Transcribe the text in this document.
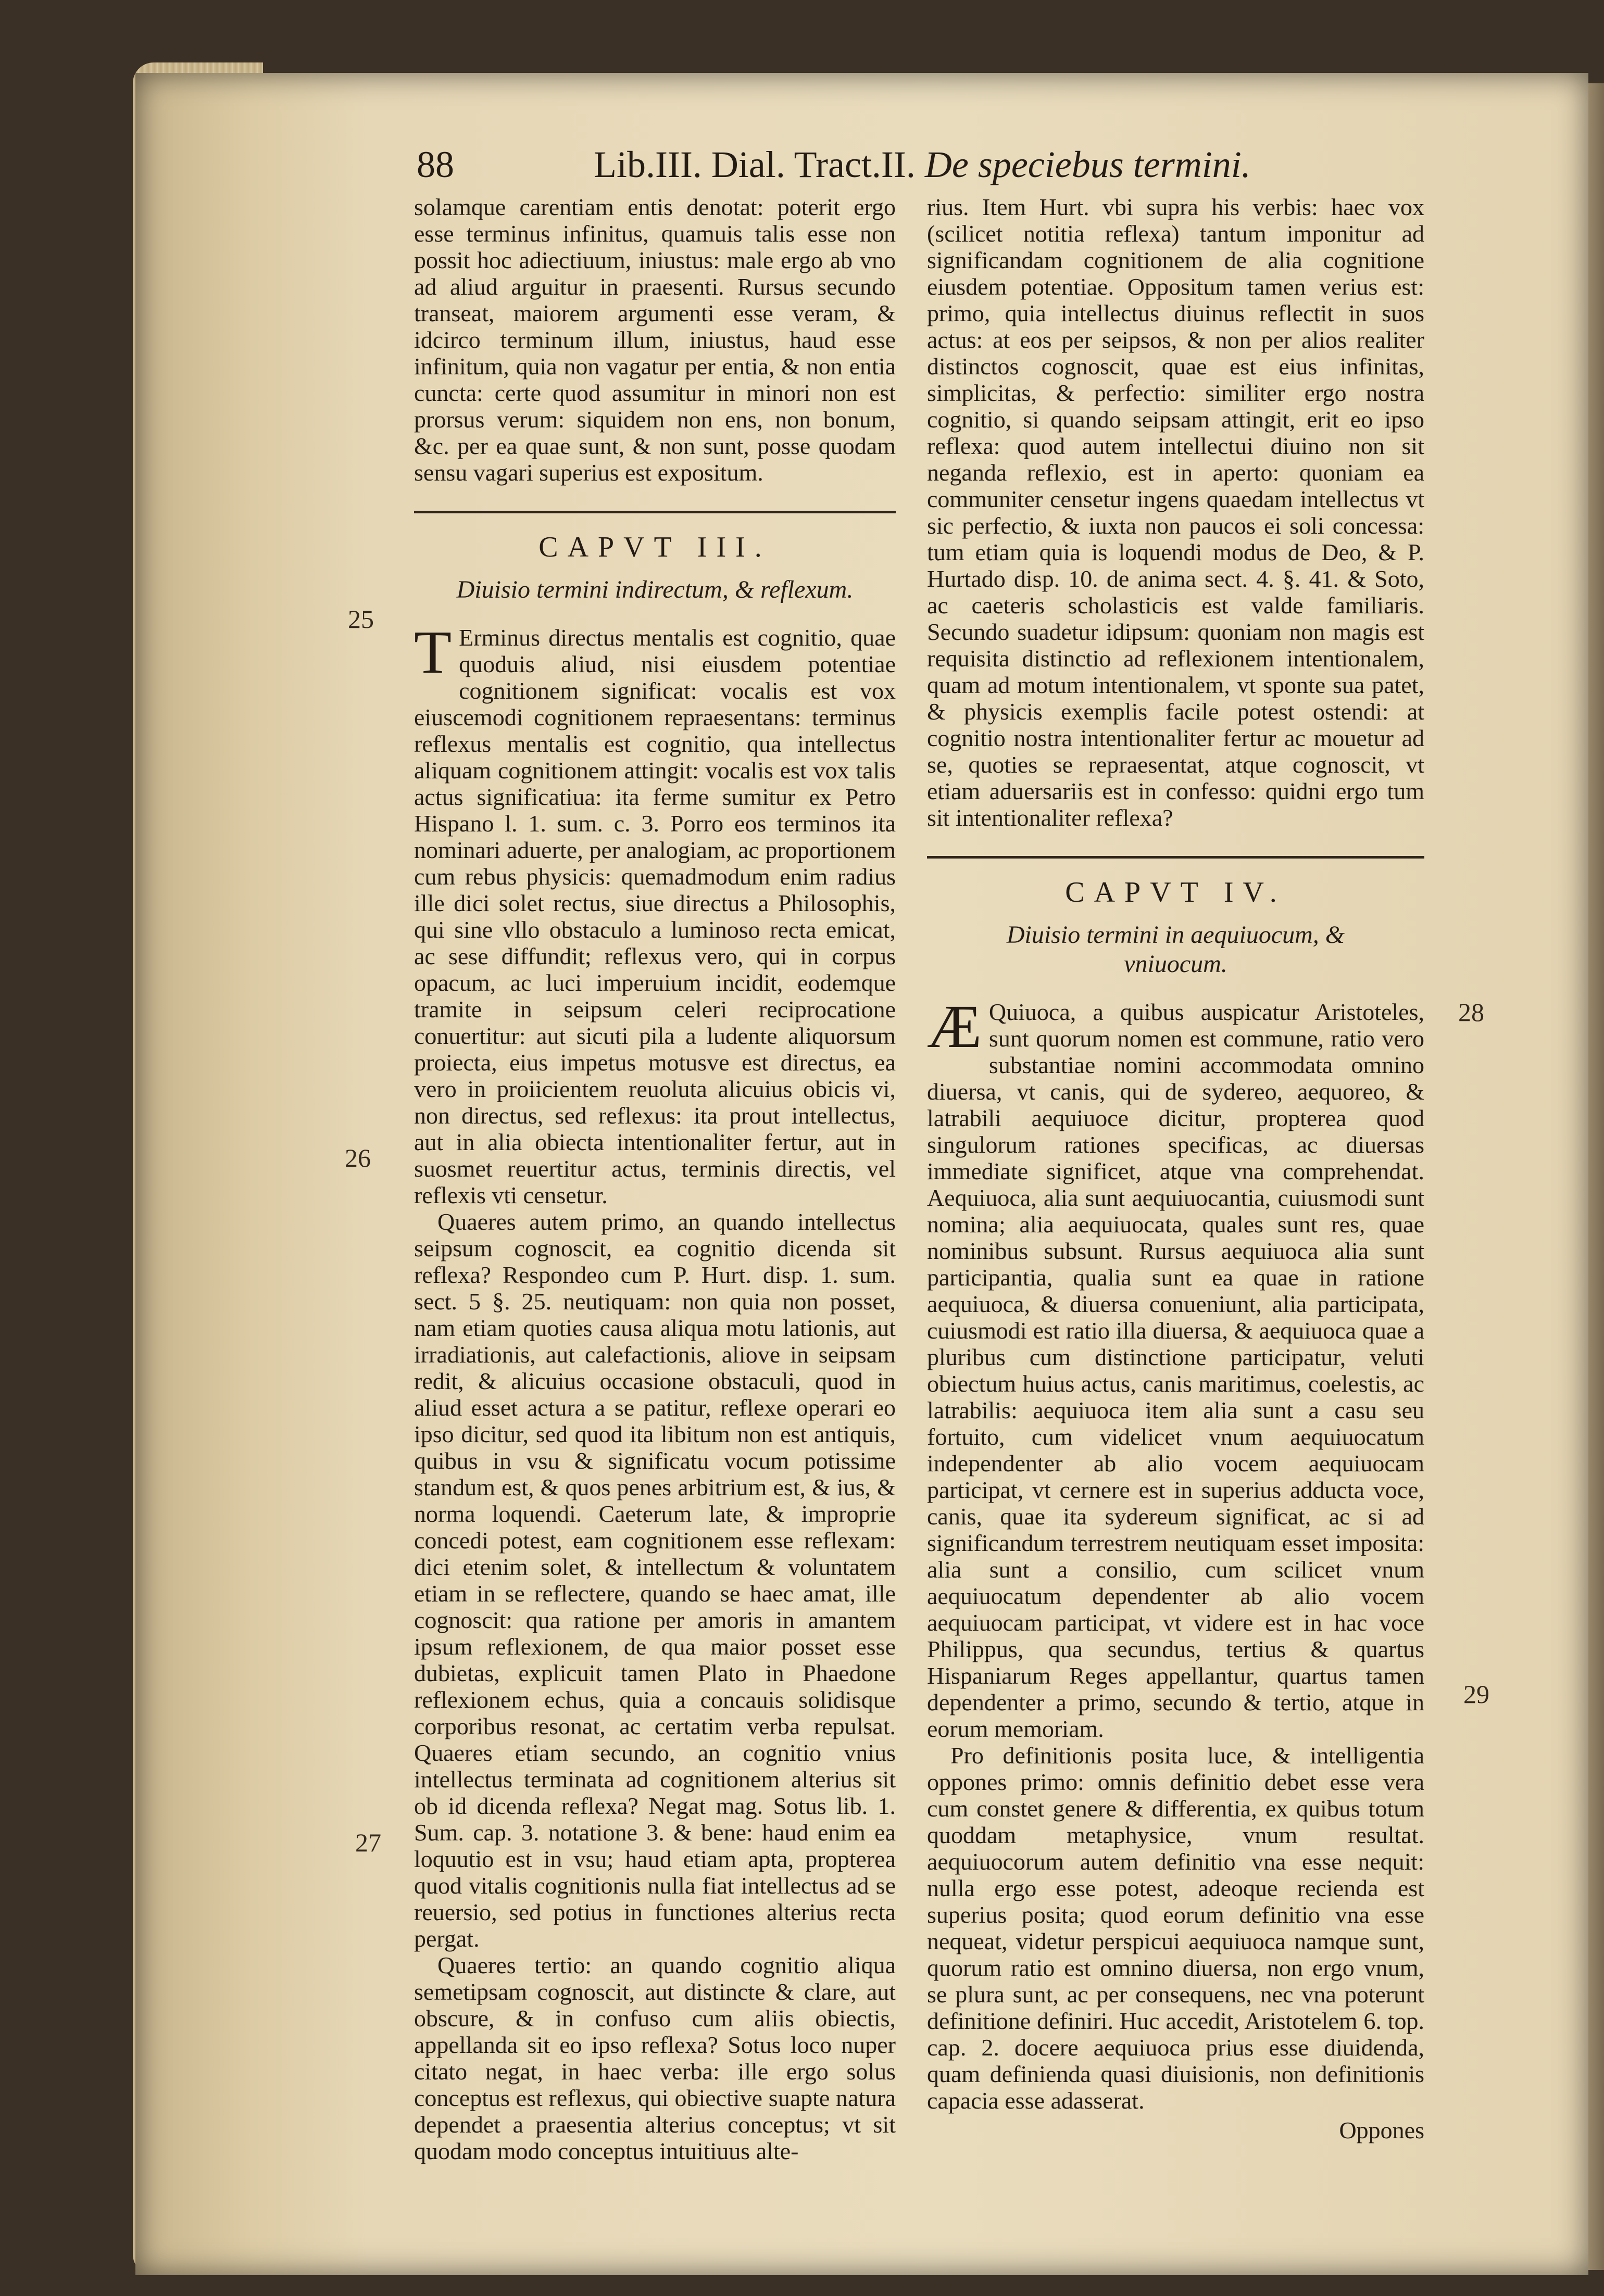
88	Lib.III. Dial. Tract.II. De speciebus termini.
25
26
27
28
29

solamque carentiam entis denotat: poterit ergo esse terminus infinitus, quamuis talis esse non possit hoc adiectiuum, iniustus: male ergo ab vno ad aliud arguitur in praesenti. Rursus secundo transeat, maiorem argumenti esse veram, & idcirco terminum illum, iniustus, haud esse infinitum, quia non vagatur per entia, & non entia cuncta: certe quod assumitur in minori non est prorsus verum: siquidem non ens, non bonum, &c. per ea quae sunt, & non sunt, posse quodam sensu vagari superius est expositum.

CAPVT III.
Diuisio termini indirectum, & reflexum.

T Erminus directus mentalis est cognitio, quae quoduis aliud, nisi eiusdem potentiae cognitionem significat: vocalis est vox eiuscemodi cognitionem repraesentans: terminus reflexus mentalis est cognitio, qua intellectus aliquam cognitionem attingit: vocalis est vox talis actus significatiua: ita ferme sumitur ex Petro Hispano l. 1. sum. c. 3. Porro eos terminos ita nominari aduerte, per analogiam, ac proportionem cum rebus physicis: quemadmodum enim radius ille dici solet rectus, siue directus a Philosophis, qui sine vllo obstaculo a luminoso recta emicat, ac sese diffundit; reflexus vero, qui in corpus opacum, ac luci imperuium incidit, eodemque tramite in seipsum celeri reciprocatione conuertitur: aut sicuti pila a ludente aliquorsum proiecta, eius impetus motusve est directus, ea vero in proiicientem reuoluta alicuius obicis vi, non directus, sed reflexus: ita prout intellectus, aut in alia obiecta intentionaliter fertur, aut in suosmet reuertitur actus, terminis directis, vel reflexis vti censetur.

Quaeres autem primo, an quando intellectus seipsum cognoscit, ea cognitio dicenda sit reflexa? Respondeo cum P. Hurt. disp. 1. sum. sect. 5 §. 25. neutiquam: non quia non posset, nam etiam quoties causa aliqua motu lationis, aut irradiationis, aut calefactionis, aliove in seipsam redit, & alicuius occasione obstaculi, quod in aliud esset actura a se patitur, reflexe operari eo ipso dicitur, sed quod ita libitum non est antiquis, quibus in vsu & significatu vocum potissime standum est, & quos penes arbitrium est, & ius, & norma loquendi. Caeterum late, & improprie concedi potest, eam cognitionem esse reflexam: dici etenim solet, & intellectum & voluntatem etiam in se reflectere, quando se haec amat, ille cognoscit: qua ratione per amoris in amantem ipsum reflexionem, de qua maior posset esse dubietas, explicuit tamen Plato in Phaedone reflexionem echus, quia a concauis solidisque corporibus resonat, ac certatim verba repulsat. Quaeres etiam secundo, an cognitio vnius intellectus terminata ad cognitionem alterius sit ob id dicenda reflexa? Negat mag. Sotus lib. 1. Sum. cap. 3. notatione 3. & bene: haud enim ea loquutio est in vsu; haud etiam apta, propterea quod vitalis cognitionis nulla fiat intellectus ad se reuersio, sed potius in functiones alterius recta pergat.

Quaeres tertio: an quando cognitio aliqua semetipsam cognoscit, aut distincte & clare, aut obscure, & in confuso cum aliis obiectis, appellanda sit eo ipso reflexa? Sotus loco nuper citato negat, in haec verba: ille ergo solus conceptus est reflexus, qui obiective suapte natura dependet a praesentia alterius conceptus; vt sit quodam modo conceptus intuitiuus alte-

rius. Item Hurt. vbi supra his verbis: haec vox (scilicet notitia reflexa) tantum imponitur ad significandam cognitionem de alia cognitione eiusdem potentiae. Oppositum tamen verius est: primo, quia intellectus diuinus reflectit in suos actus: at eos per seipsos, & non per alios realiter distinctos cognoscit, quae est eius infinitas, simplicitas, & perfectio: similiter ergo nostra cognitio, si quando seipsam attingit, erit eo ipso reflexa: quod autem intellectui diuino non sit neganda reflexio, est in aperto: quoniam ea communiter censetur ingens quaedam intellectus vt sic perfectio, & iuxta non paucos ei soli concessa: tum etiam quia is loquendi modus de Deo, & P. Hurtado disp. 10. de anima sect. 4. §. 41. & Soto, ac caeteris scholasticis est valde familiaris. Secundo suadetur idipsum: quoniam non magis est requisita distinctio ad reflexionem intentionalem, quam ad motum intentionalem, vt sponte sua patet, & physicis exemplis facile potest ostendi: at cognitio nostra intentionaliter fertur ac mouetur ad se, quoties se repraesentat, atque cognoscit, vt etiam aduersariis est in confesso: quidni ergo tum sit intentionaliter reflexa?

CAPVT IV.
Diuisio termini in aequiuocum, & vniuocum.

Æ Quiuoca, a quibus auspicatur Aristoteles, sunt quorum nomen est commune, ratio vero substantiae nomini accommodata omnino diuersa, vt canis, qui de sydereo, aequoreo, & latrabili aequiuoce dicitur, propterea quod singulorum rationes specificas, ac diuersas immediate significet, atque vna comprehendat. Aequiuoca, alia sunt aequiuocantia, cuiusmodi sunt nomina; alia aequiuocata, quales sunt res, quae nominibus subsunt. Rursus aequiuoca alia sunt participantia, qualia sunt ea quae in ratione aequiuoca, & diuersa conueniunt, alia participata, cuiusmodi est ratio illa diuersa, & aequiuoca quae a pluribus cum distinctione participatur, veluti obiectum huius actus, canis maritimus, coelestis, ac latrabilis: aequiuoca item alia sunt a casu seu fortuito, cum videlicet vnum aequiuocatum independenter ab alio vocem aequiuocam participat, vt cernere est in superius adducta voce, canis, quae ita sydereum significat, ac si ad significandum terrestrem neutiquam esset imposita: alia sunt a consilio, cum scilicet vnum aequiuocatum dependenter ab alio vocem aequiuocam participat, vt videre est in hac voce Philippus, qua secundus, tertius & quartus Hispaniarum Reges appellantur, quartus tamen dependenter a primo, secundo & tertio, atque in eorum memoriam.

Pro definitionis posita luce, & intelligentia oppones primo: omnis definitio debet esse vera cum constet genere & differentia, ex quibus totum quoddam metaphysice, vnum resultat. aequiuocorum autem definitio vna esse nequit: nulla ergo esse potest, adeoque recienda est superius posita; quod eorum definitio vna esse nequeat, videtur perspicui aequiuoca namque sunt, quorum ratio est omnino diuersa, non ergo vnum, se plura sunt, ac per consequens, nec vna poterunt definitione definiri. Huc accedit, Aristotelem 6. top. cap. 2. docere aequiuoca prius esse diuidenda, quam definienda quasi diuisionis, non definitionis capacia esse adasserat.

Oppones
